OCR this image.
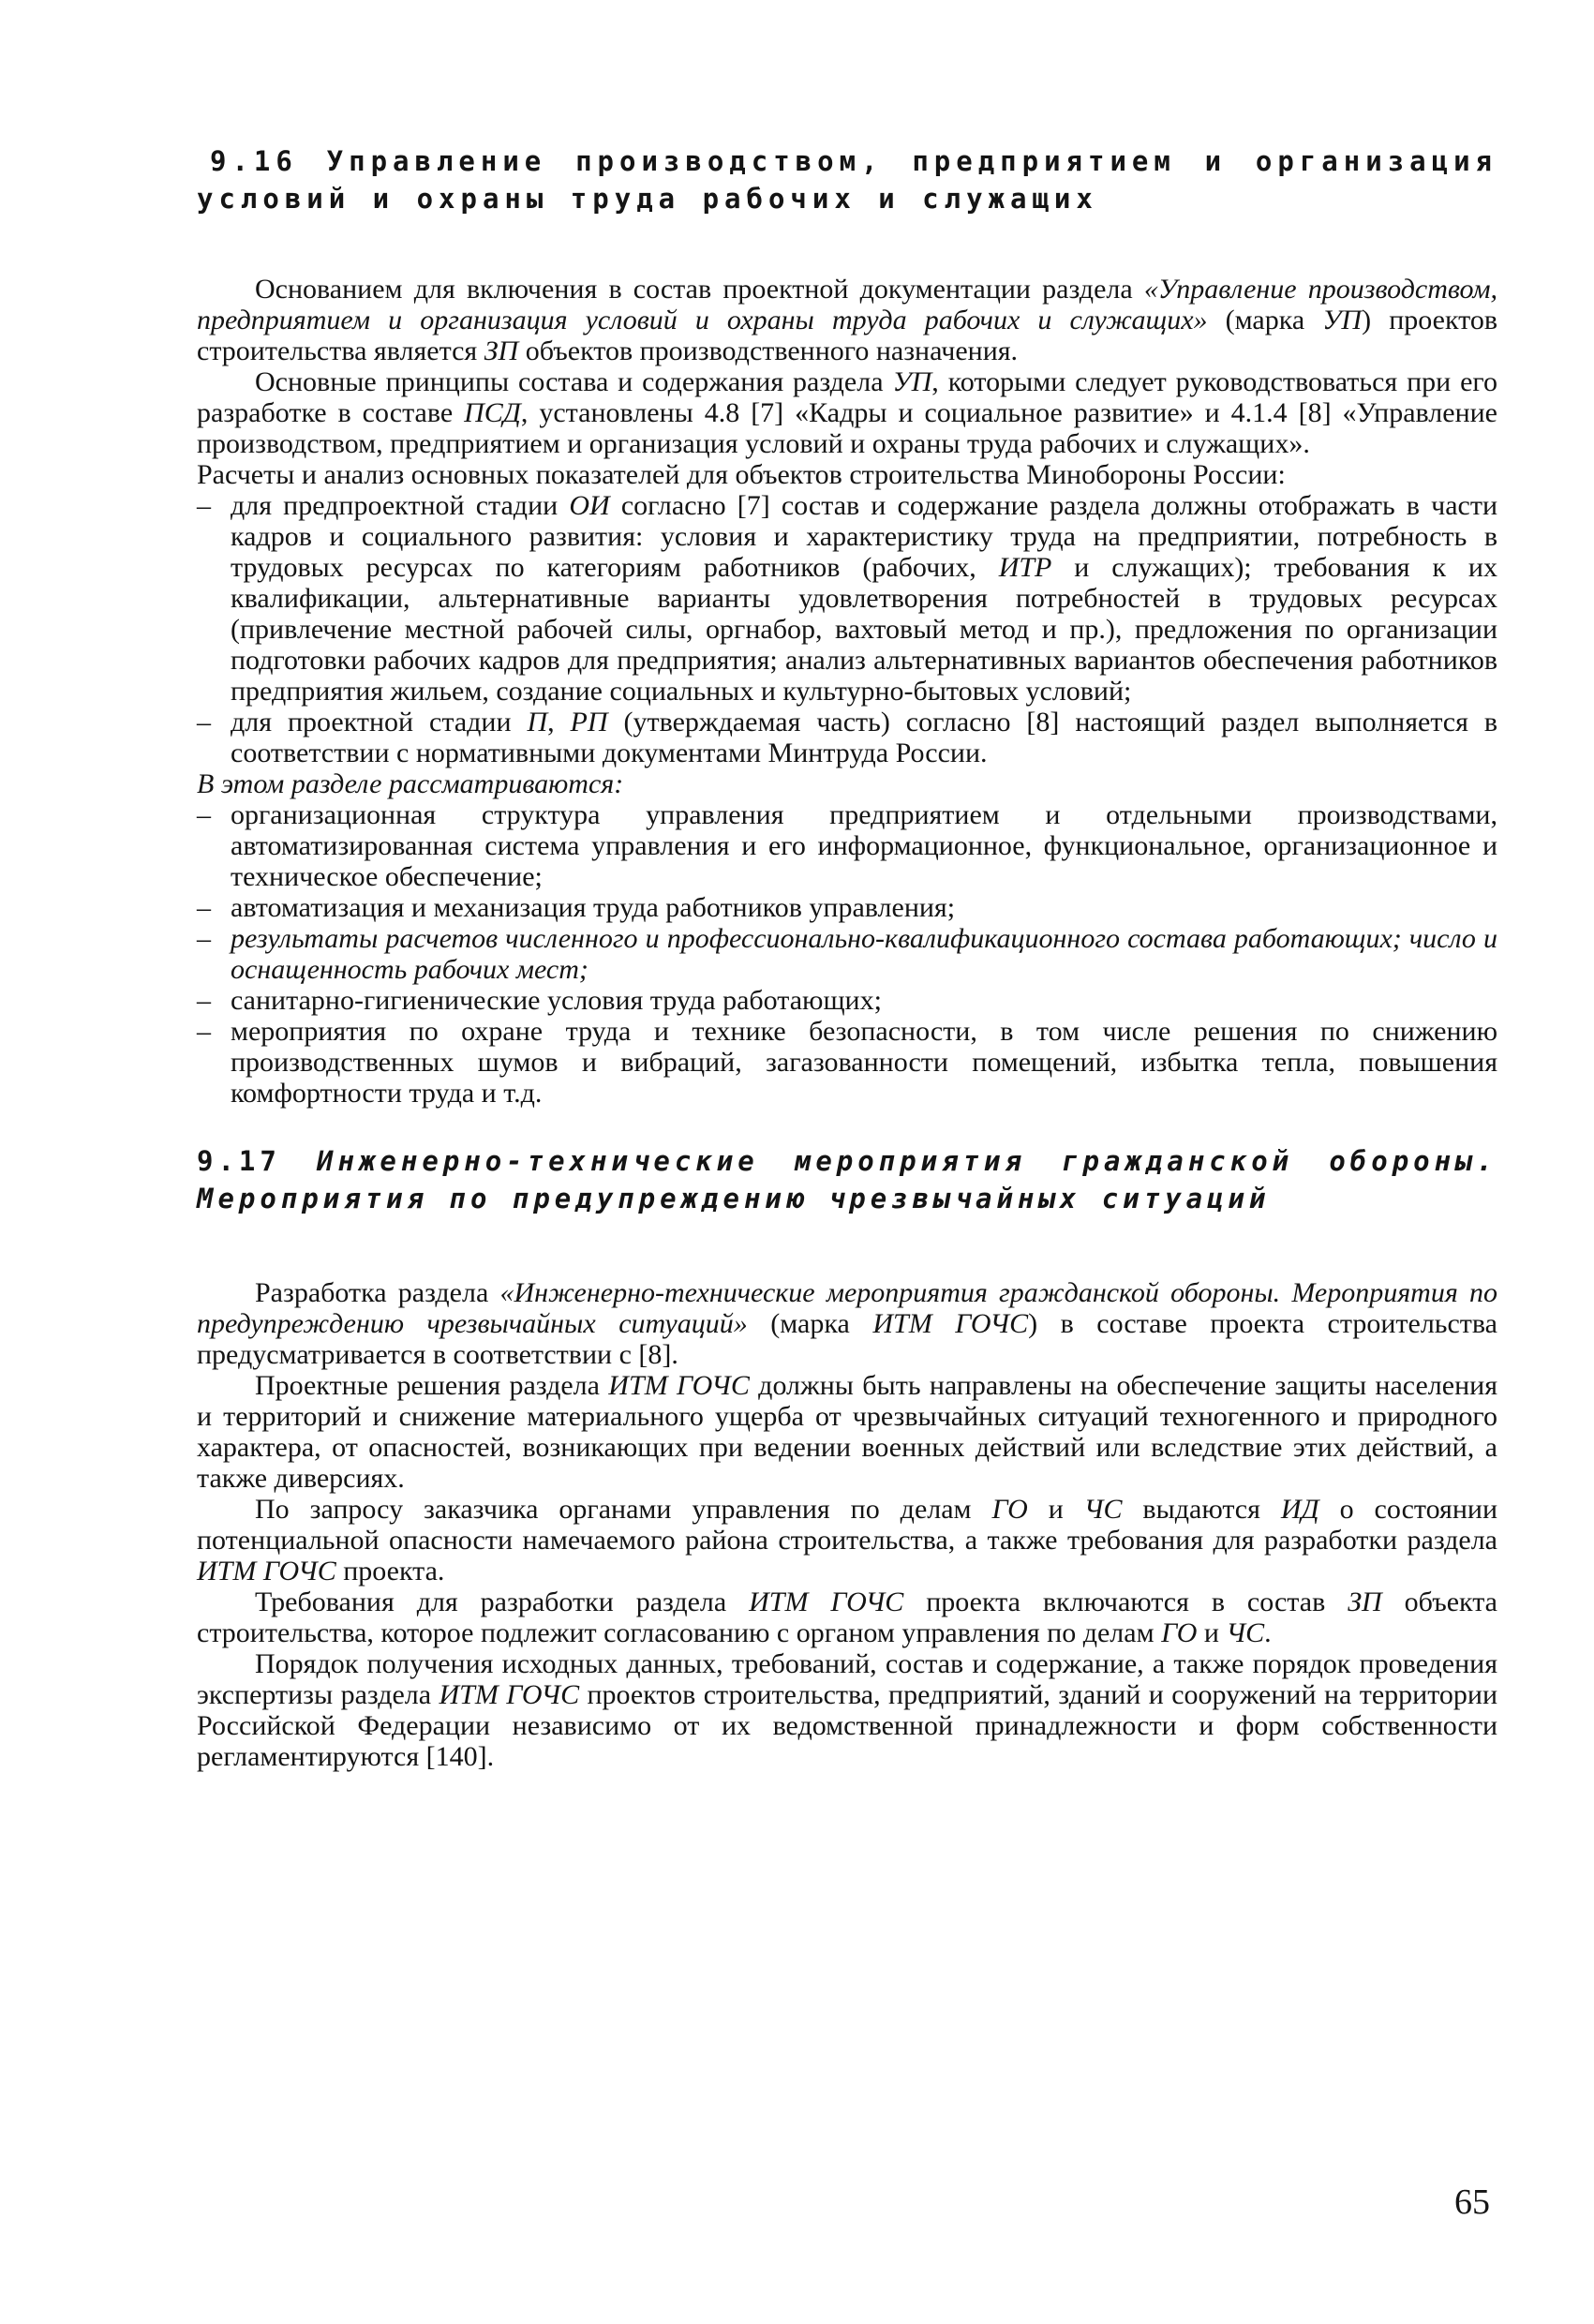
9.16 Управление производством, предприятием и организация условий и охраны труда рабочих и служащих

Основанием для включения в состав проектной документации раздела «Управление производством, предприятием и организация условий и охраны труда рабочих и служащих» (марка УП) проектов строительства является ЗП объектов производственного назначения.

Основные принципы состава и содержания раздела УП, которыми следует руководствоваться при его разработке в составе ПСД, установлены 4.8 [7] «Кадры и социальное развитие» и 4.1.4 [8] «Управление производством, предприятием и организация условий и охраны труда рабочих и служащих».

Расчеты и анализ основных показателей для объектов строительства Минобороны России:

– для предпроектной стадии ОИ согласно [7] состав и содержание раздела должны отображать в части кадров и социального развития: условия и характеристику труда на предприятии, потребность в трудовых ресурсах по категориям работников (рабочих, ИТР и служащих); требования к их квалификации, альтернативные варианты удовлетворения потребностей в трудовых ресурсах (привлечение местной рабочей силы, оргнабор, вахтовый метод и пр.), предложения по организации подготовки рабочих кадров для предприятия; анализ альтернативных вариантов обеспечения работников предприятия жильем, создание социальных и культурно-бытовых условий;
– для проектной стадии П, РП (утверждаемая часть) согласно [8] настоящий раздел выполняется в соответствии с нормативными документами Минтруда России.

В этом разделе рассматриваются:

– организационная структура управления предприятием и отдельными производствами, автоматизированная система управления и его информационное, функциональное, организационное и техническое обеспечение;
– автоматизация и механизация труда работников управления;
– результаты расчетов численного и профессионально-квалификационного состава работающих; число и оснащенность рабочих мест;
– санитарно-гигиенические условия труда работающих;
– мероприятия по охране труда и технике безопасности, в том числе решения по снижению производственных шумов и вибраций, загазованности помещений, избытка тепла, повышения комфортности труда и т.д.
9.17 Инженерно-технические мероприятия гражданской обороны. Мероприятия по предупреждению чрезвычайных ситуаций

Разработка раздела «Инженерно-технические мероприятия гражданской обороны. Мероприятия по предупреждению чрезвычайных ситуаций» (марка ИТМ ГОЧС) в составе проекта строительства предусматривается в соответствии с [8].

Проектные решения раздела ИТМ ГОЧС должны быть направлены на обеспечение защиты населения и территорий и снижение материального ущерба от чрезвычайных ситуаций техногенного и природного характера, от опасностей, возникающих при ведении военных действий или вследствие этих действий, а также диверсиях.

По запросу заказчика органами управления по делам ГО и ЧС выдаются ИД о состоянии потенциальной опасности намечаемого района строительства, а также требования для разработки раздела ИТМ ГОЧС проекта.

Требования для разработки раздела ИТМ ГОЧС проекта включаются в состав ЗП объекта строительства, которое подлежит согласованию с органом управления по делам ГО и ЧС.

Порядок получения исходных данных, требований, состав и содержание, а также порядок проведения экспертизы раздела ИТМ ГОЧС проектов строительства, предприятий, зданий и сооружений на территории Российской Федерации независимо от их ведомственной принадлежности и форм собственности регламентируются [140].

65
